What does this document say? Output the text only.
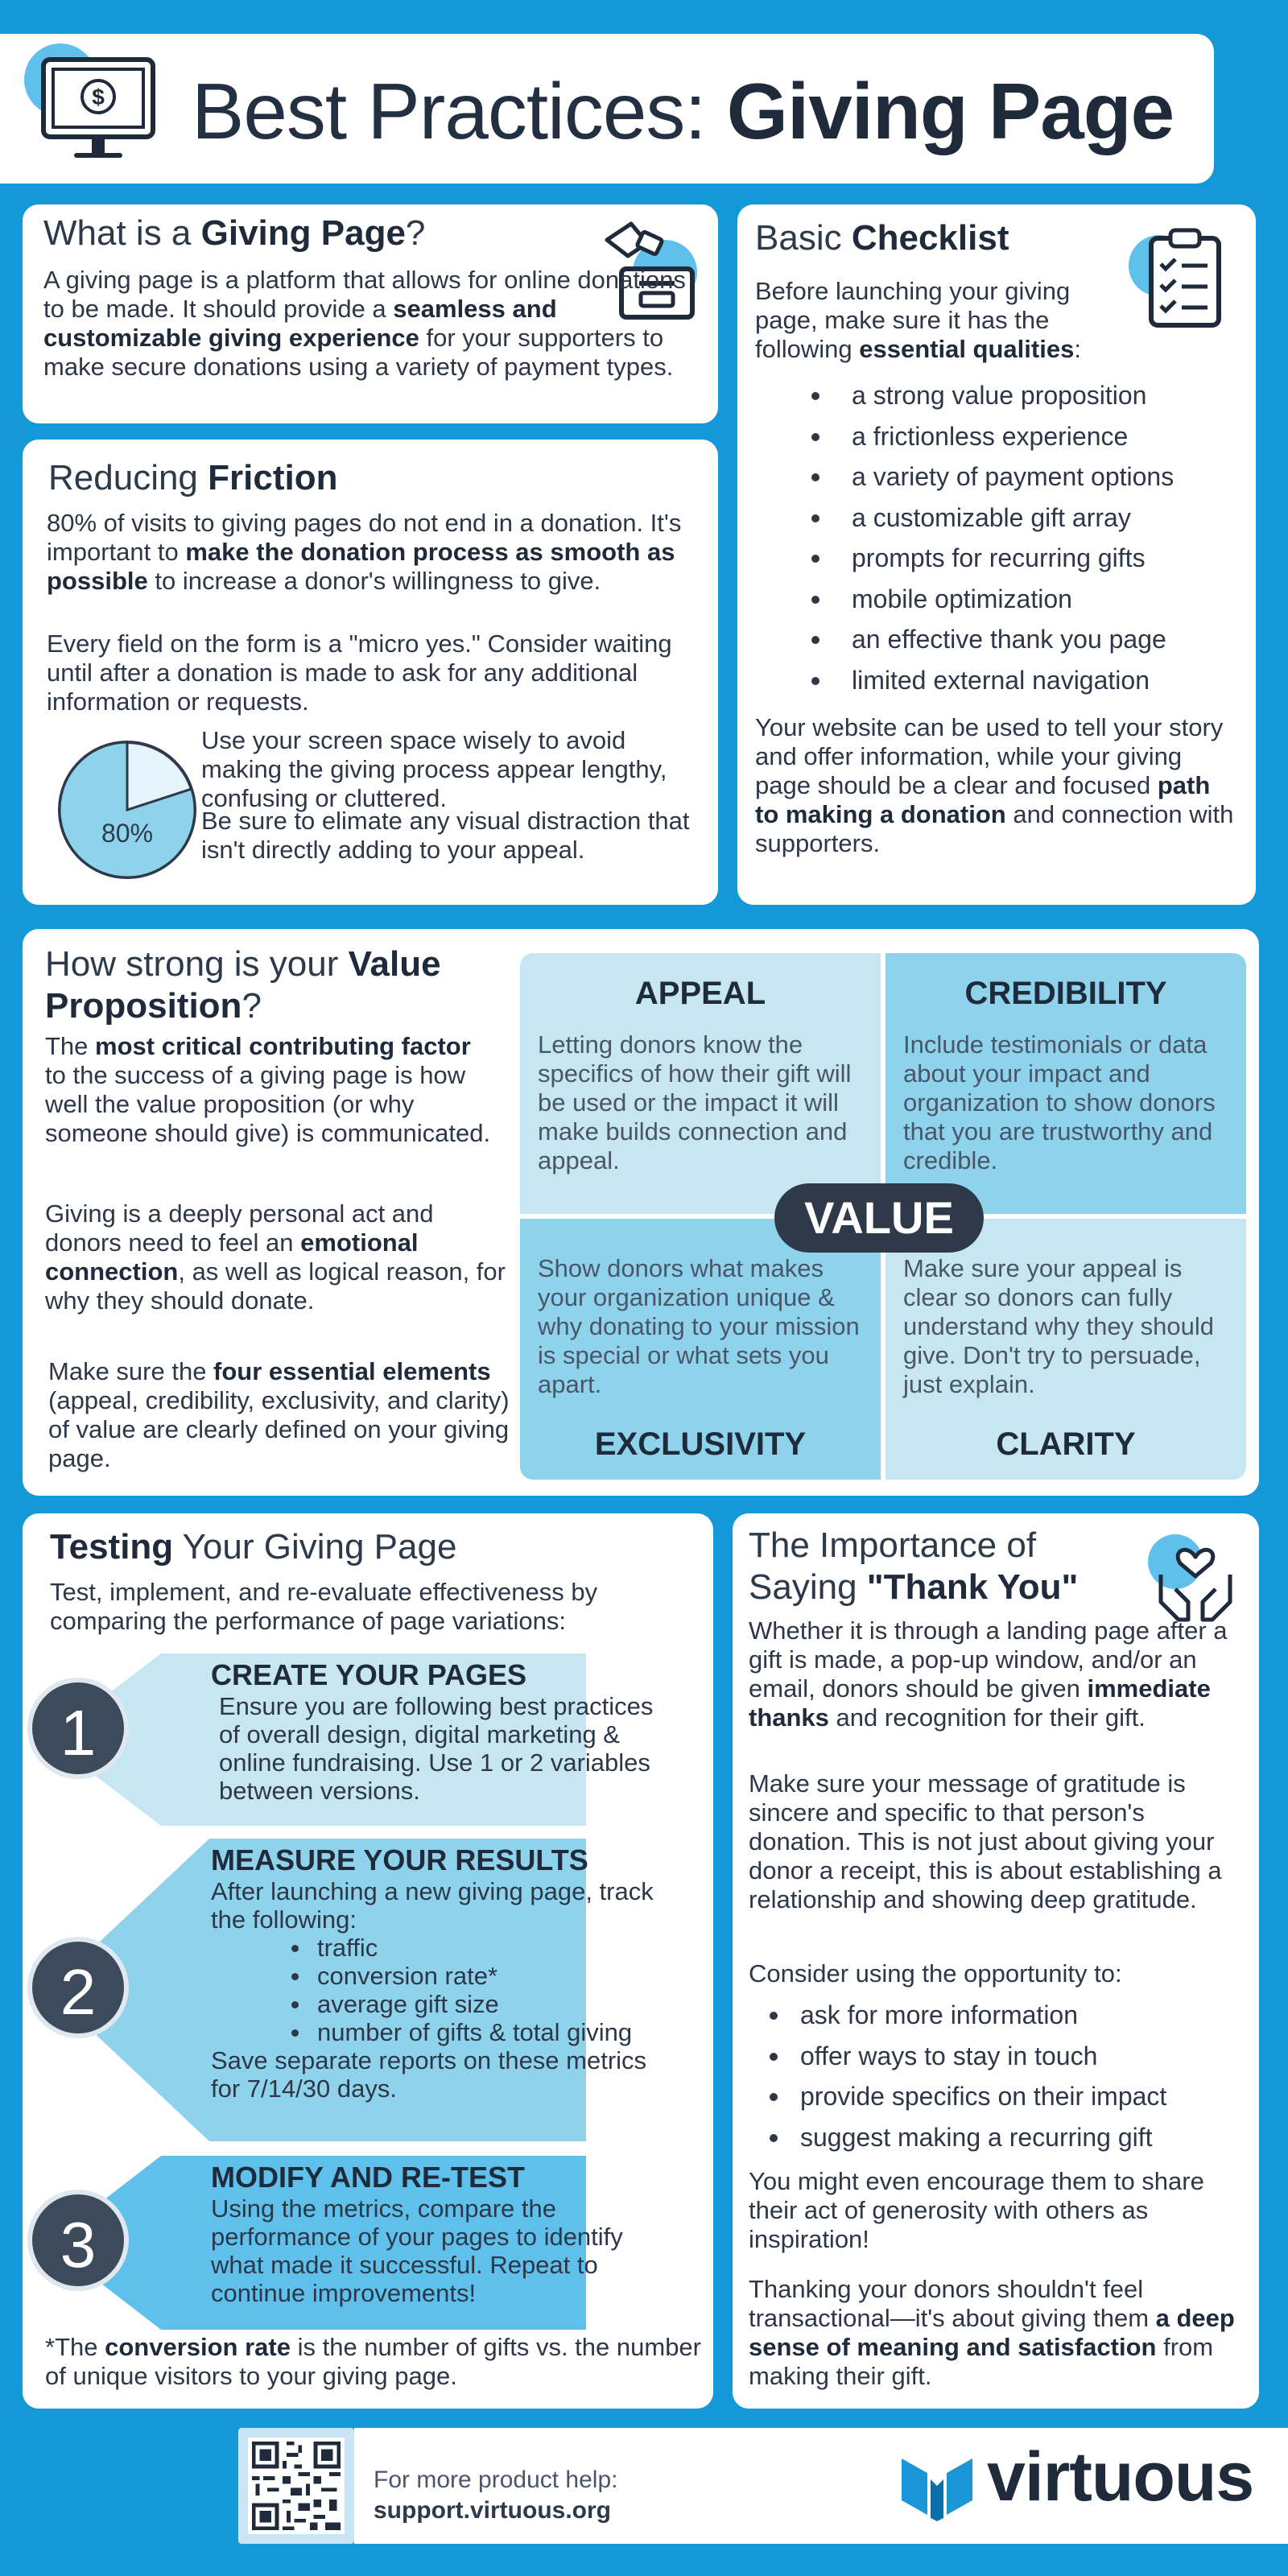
$ Best Practices: Giving Page
What is a Giving Page?
A giving page is a platform that allows for online donations to be made. It should provide a seamless and customizable giving experience for your supporters to make secure donations using a variety of payment types.
Reducing Friction
80% of visits to giving pages do not end in a donation. It's important to make the donation process as smooth as possible to increase a donor's willingness to give.
Every field on the form is a "micro yes." Consider waiting until after a donation is made to ask for any additional information or requests.
80%
Use your screen space wisely to avoid making the giving process appear lengthy, confusing or cluttered.
Be sure to elimate any visual distraction that isn't directly adding to your appeal.
Basic Checklist
Before launching your giving page, make sure it has the following essential qualities:
a strong value proposition
a frictionless experience
a variety of payment options
a customizable gift array
prompts for recurring gifts
mobile optimization
an effective thank you page
limited external navigation
Your website can be used to tell your story and offer information, while your giving page should be a clear and focused path to making a donation and connection with supporters.
How strong is your Value Proposition?
The most critical contributing factor to the success of a giving page is how well the value proposition (or why someone should give) is communicated.
Giving is a deeply personal act and donors need to feel an emotional connection, as well as logical reason, for why they should donate.
Make sure the four essential elements (appeal, credibility, exclusivity, and clarity) of value are clearly defined on your giving page.
APPEAL
Letting donors know the specifics of how their gift will be used or the impact it will make builds connection and appeal.
CREDIBILITY
Include testimonials or data about your impact and organization to show donors that you are trustworthy and credible.
Show donors what makes your organization unique & why donating to your mission is special or what sets you apart.
EXCLUSIVITY
Make sure your appeal is clear so donors can fully understand why they should give. Don't try to persuade, just explain.
CLARITY
VALUE
Testing Your Giving Page
Test, implement, and re-evaluate effectiveness by comparing the performance of page variations:
*The conversion rate is the number of gifts vs. the number of unique visitors to your giving page.
CREATE YOUR PAGES
Ensure you are following best practices of overall design, digital marketing & online fundraising. Use 1 or 2 variables between versions.
1
MEASURE YOUR RESULTS
After launching a new giving page, track the following:
traffic
conversion rate*
average gift size
number of gifts & total giving
Save separate reports on these metrics for 7/14/30 days.
2
MODIFY AND RE-TEST
Using the metrics, compare the performance of your pages to identify what made it successful. Repeat to continue improvements!
3
The Importance of Saying "Thank You"
Whether it is through a landing page after a gift is made, a pop-up window, and/or an email, donors should be given immediate thanks and recognition for their gift.
Make sure your message of gratitude is sincere and specific to that person's donation. This is not just about giving your donor a receipt, this is about establishing a relationship and showing deep gratitude.
Consider using the opportunity to:
ask for more information
offer ways to stay in touch
provide specifics on their impact
suggest making a recurring gift
You might even encourage them to share their act of generosity with others as inspiration!
Thanking your donors shouldn't feel transactional—it's about giving them a deep sense of meaning and satisfaction from making their gift.
For more product help:
support.virtuous.org	virtuous
